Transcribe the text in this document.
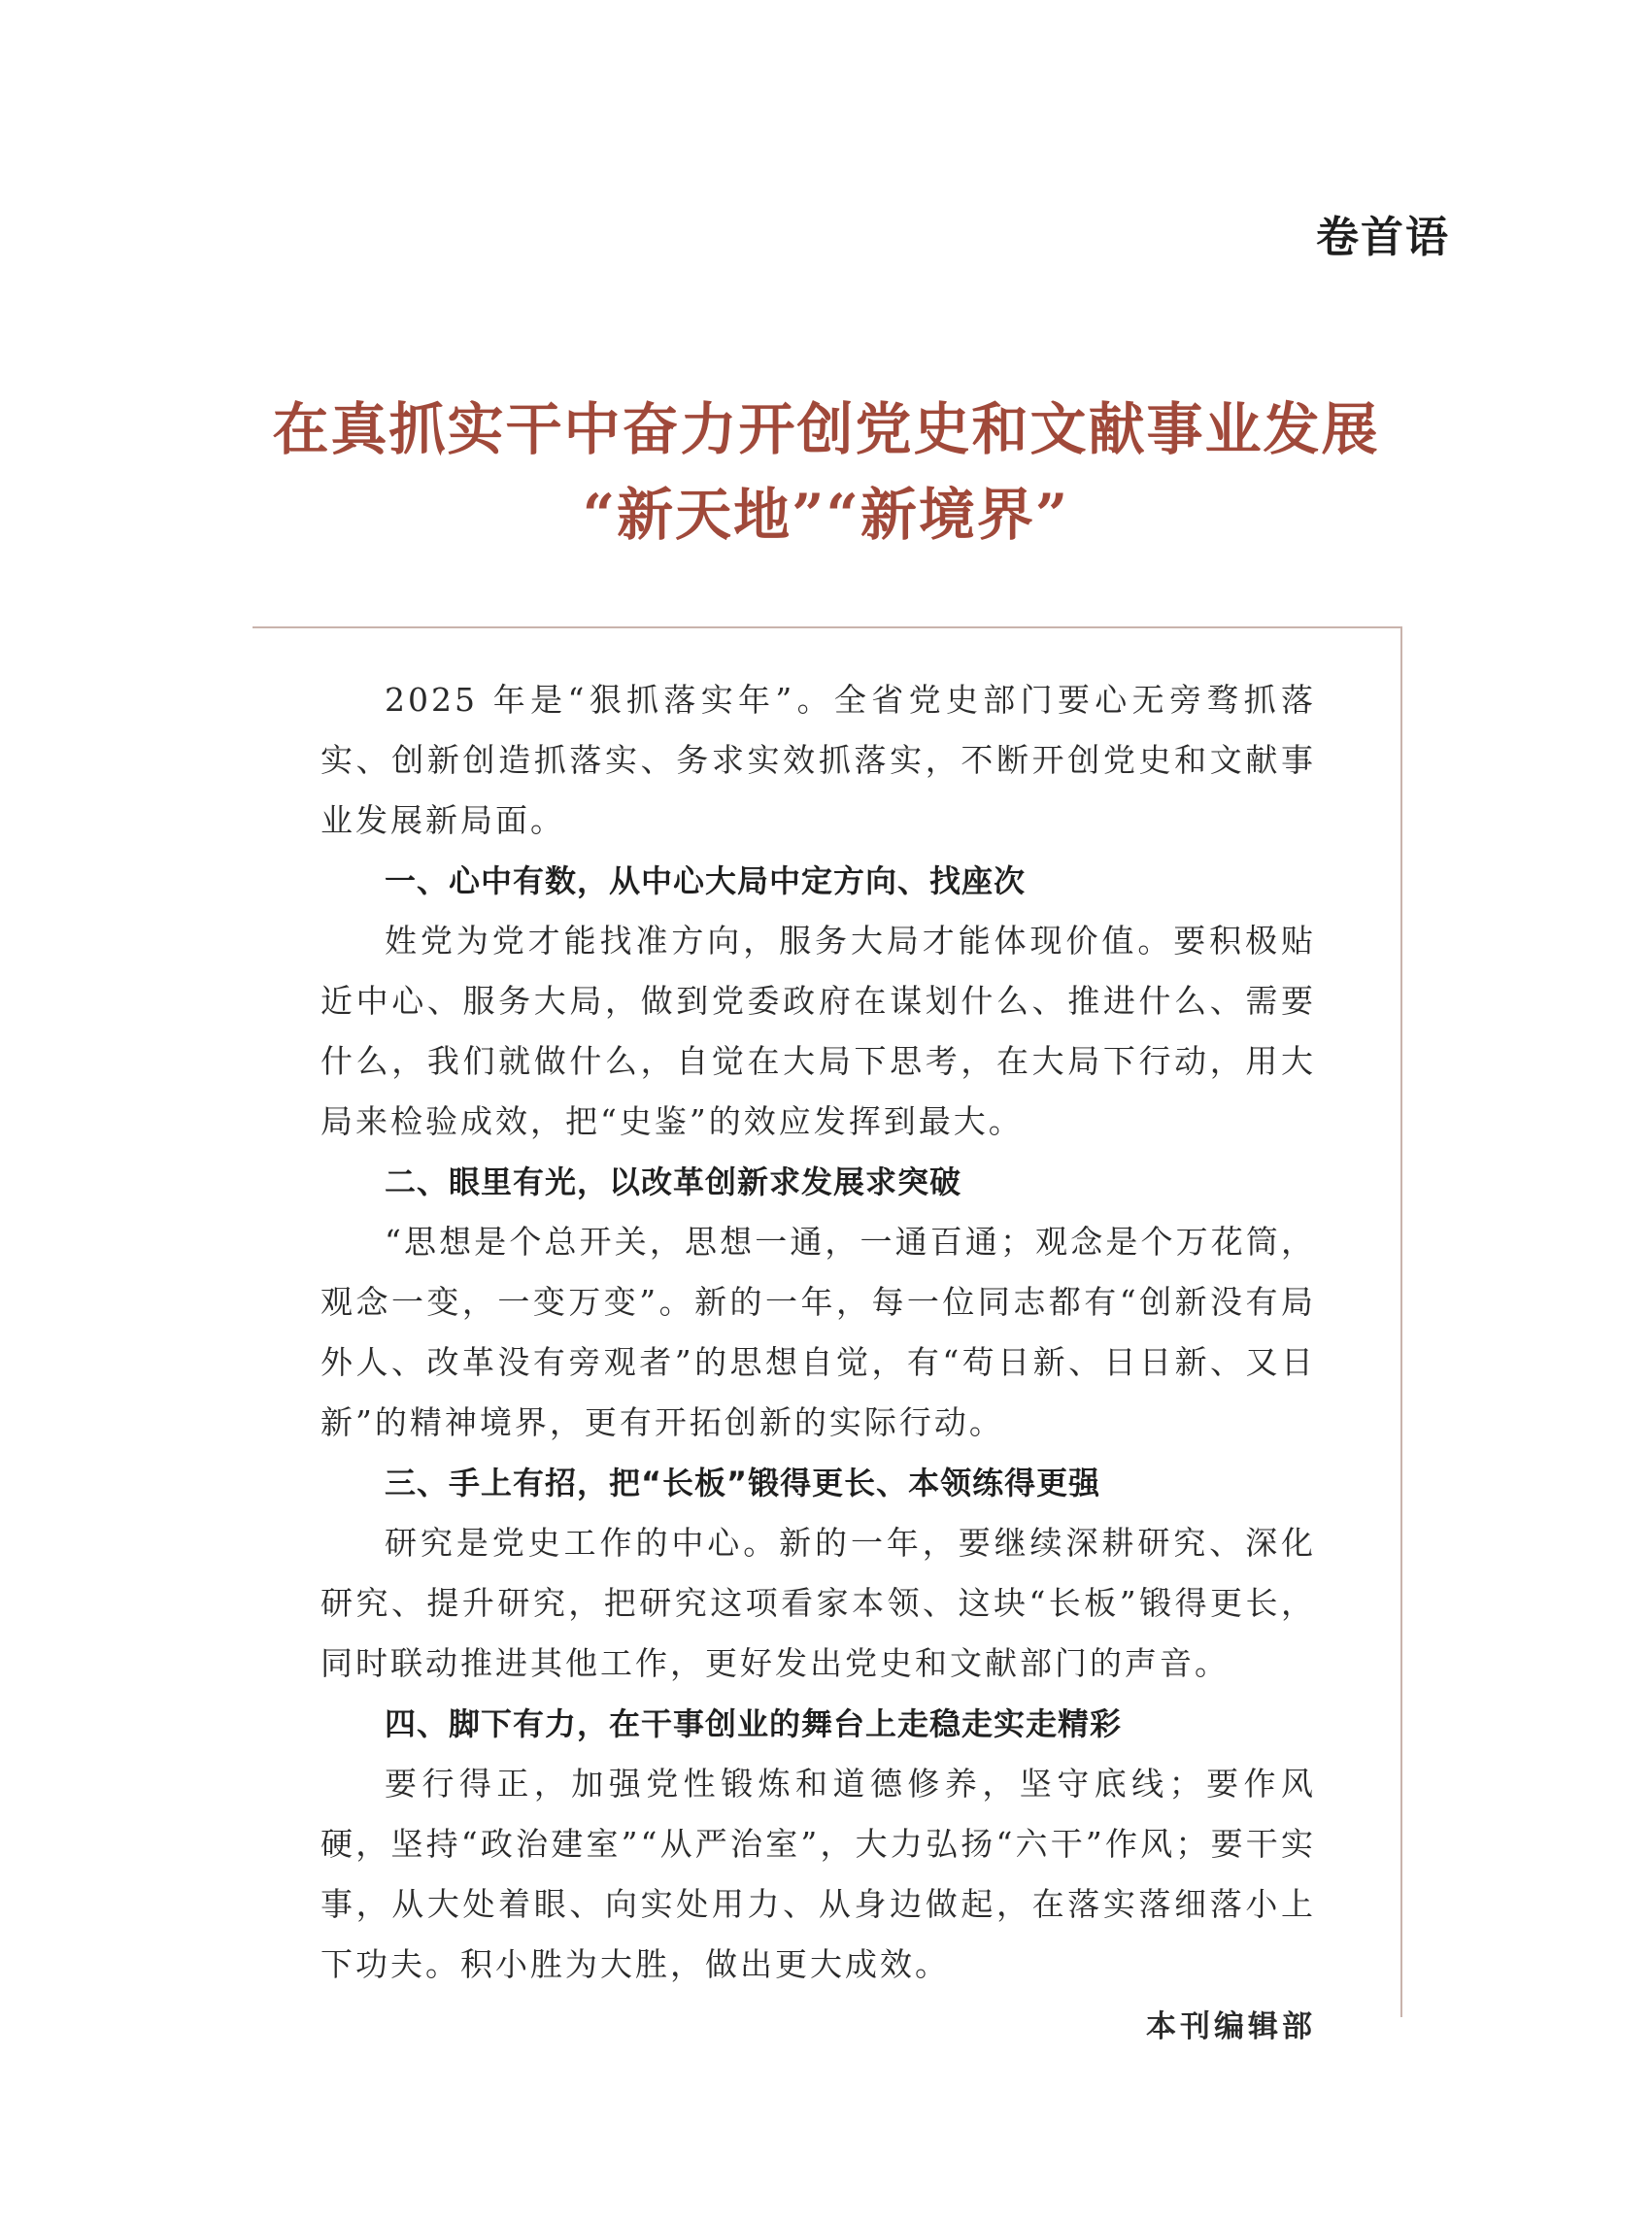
卷首语
在真抓实干中奋力开创党史和文献事业发展
“新天地”“新境界”

2025 年是“狠抓落实年”。全省党史部门要心无旁骛抓落实、创新创造抓落实、务求实效抓落实，不断开创党史和文献事业发展新局面。

一、心中有数，从中心大局中定方向、找座次

姓党为党才能找准方向，服务大局才能体现价值。要积极贴近中心、服务大局，做到党委政府在谋划什么、推进什么、需要什么，我们就做什么，自觉在大局下思考，在大局下行动，用大局来检验成效，把“史鉴”的效应发挥到最大。

二、眼里有光，以改革创新求发展求突破

“思想是个总开关，思想一通，一通百通；观念是个万花筒，观念一变，一变万变”。新的一年，每一位同志都有“创新没有局外人、改革没有旁观者”的思想自觉，有“苟日新、日日新、又日新”的精神境界，更有开拓创新的实际行动。

三、手上有招，把“长板”锻得更长、本领练得更强

研究是党史工作的中心。新的一年，要继续深耕研究、深化研究、提升研究，把研究这项看家本领、这块“长板”锻得更长，同时联动推进其他工作，更好发出党史和文献部门的声音。

四、脚下有力，在干事创业的舞台上走稳走实走精彩

要行得正，加强党性锻炼和道德修养，坚守底线；要作风硬，坚持“政治建室”“从严治室”，大力弘扬“六干”作风；要干实事，从大处着眼、向实处用力、从身边做起，在落实落细落小上下功夫。积小胜为大胜，做出更大成效。

本刊编辑部
